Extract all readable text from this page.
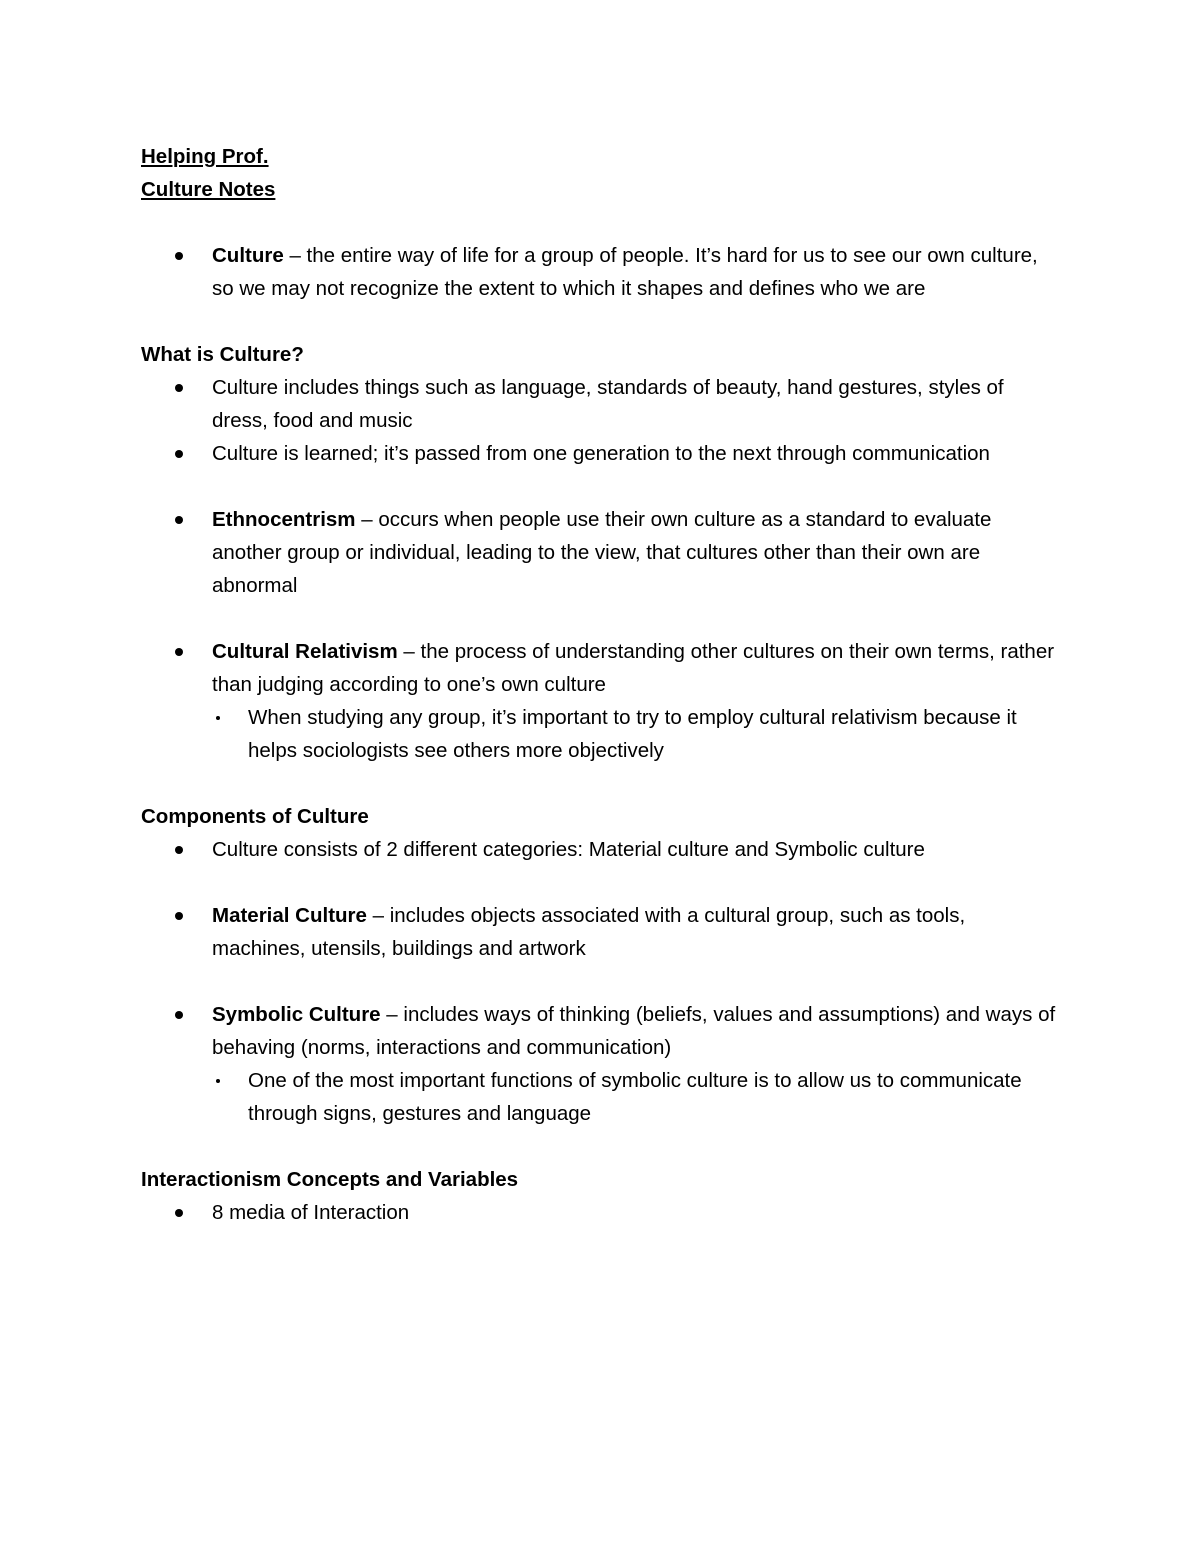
Helping Prof.

Culture Notes

Culture – the entire way of life for a group of people. It’s hard for us to see our own culture, so we may not recognize the extent to which it shapes and defines who we are

What is Culture?

Culture includes things such as language, standards of beauty, hand gestures, styles of dress, food and music
Culture is learned; it’s passed from one generation to the next through communication
Ethnocentrism – occurs when people use their own culture as a standard to evaluate another group or individual, leading to the view, that cultures other than their own are abnormal
Cultural Relativism – the process of understanding other cultures on their own terms, rather than judging according to one’s own culture
When studying any group, it’s important to try to employ cultural relativism because it helps sociologists see others more objectively

Components of Culture

Culture consists of 2 different categories: Material culture and Symbolic culture
Material Culture – includes objects associated with a cultural group, such as tools, machines, utensils, buildings and artwork
Symbolic Culture – includes ways of thinking (beliefs, values and assumptions) and ways of behaving (norms, interactions and communication)
One of the most important functions of symbolic culture is to allow us to communicate through signs, gestures and language

Interactionism Concepts and Variables

8 media of Interaction
